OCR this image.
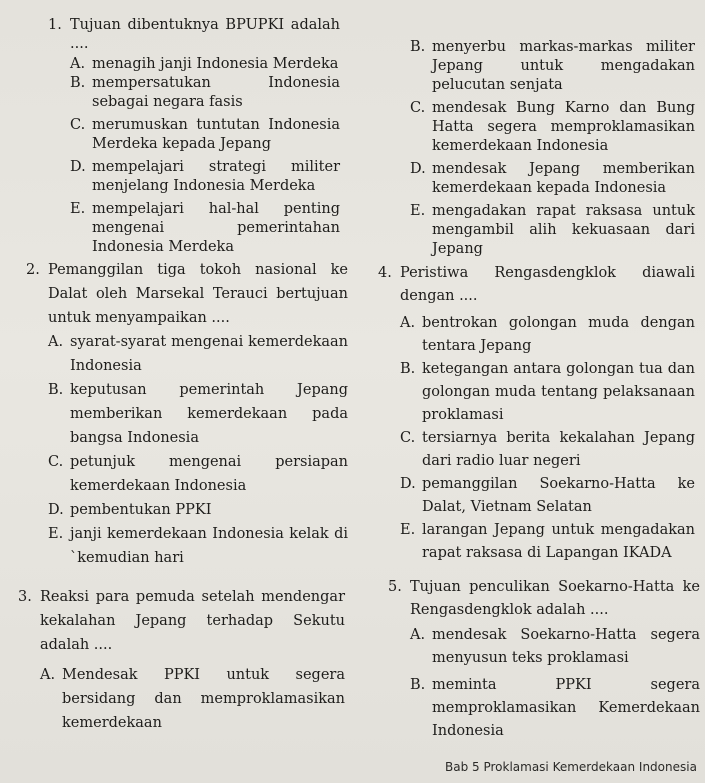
1. Tujuan dibentuknya BPUPKI adalah ....
A. menagih janji Indonesia Merdeka
B. mempersatukan Indonesia sebagai negara fasis
C. merumuskan tuntutan Indonesia Merdeka kepada Jepang
D. mempelajari strategi militer menjelang Indonesia Merdeka
E. mempelajari hal-hal penting mengenai pemerintahan Indonesia Merdeka
2. Pemanggilan tiga tokoh nasional ke Dalat oleh Marsekal Terauci bertujuan untuk menyampaikan ....
A. syarat-syarat mengenai kemerdekaan Indonesia
B. keputusan pemerintah Jepang memberikan kemerdekaan pada bangsa Indonesia
C. petunjuk mengenai persiapan kemerdekaan Indonesia
D. pembentukan PPKI
E. janji kemerdekaan Indonesia kelak di `kemudian hari
3. Reaksi para pemuda setelah mendengar kekalahan Jepang terhadap Sekutu adalah ....
A. Mendesak PPKI untuk segera bersidang dan memproklamasikan kemerdekaan
B. menyerbu markas-markas militer Jepang untuk mengadakan pelucutan senjata
C. mendesak Bung Karno dan Bung Hatta segera memproklamasikan kemerdekaan Indonesia
D. mendesak Jepang memberikan kemerdekaan kepada Indonesia
E. mengadakan rapat raksasa untuk mengambil alih kekuasaan dari Jepang
4. Peristiwa Rengasdengklok diawali dengan ....
A. bentrokan golongan muda dengan tentara Jepang
B. ketegangan antara golongan tua dan golongan muda tentang pelaksanaan proklamasi
C. tersiarnya berita kekalahan Jepang dari radio luar negeri
D. pemanggilan Soekarno-Hatta ke Dalat, Vietnam Selatan
E. larangan Jepang untuk mengadakan rapat raksasa di Lapangan IKADA
5. Tujuan penculikan Soekarno-Hatta ke Rengasdengklok adalah ....
A. mendesak Soekarno-Hatta segera menyusun teks proklamasi
B. meminta PPKI segera memproklamasikan Kemerdekaan Indonesia
Bab 5 Proklamasi Kemerdekaan Indonesia
